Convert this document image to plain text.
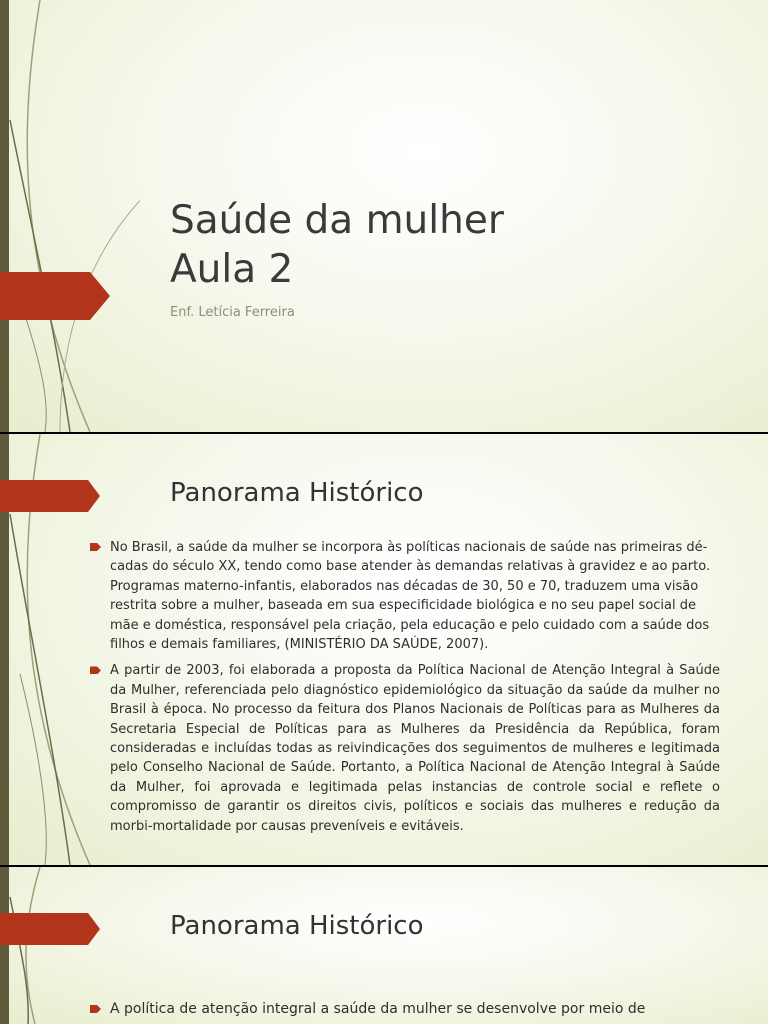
Saúde da mulher
Aula 2
Enf. Letícia Ferreira
Panorama Histórico
No Brasil, a saúde da mulher se incorpora às políticas nacionais de saúde nas primeiras dé-cadas do século XX, tendo como base atender às demandas relativas à gravidez e ao parto. Programas materno-infantis, elaborados nas décadas de 30, 50 e 70, traduzem uma visão restrita sobre a mulher, baseada em sua especificidade biológica e no seu papel social de mãe e doméstica, responsável pela criação, pela educação e pelo cuidado com a saúde dos filhos e demais familiares, (MINISTÉRIO DA SAÚDE, 2007).
A partir de 2003, foi elaborada a proposta da Política Nacional de Atenção Integral à Saúde da Mulher, referenciada pelo diagnóstico epidemiológico da situação da saúde da mulher no Brasil à época. No processo da feitura dos Planos Nacionais de Políticas para as Mulheres da Secretaria Especial de Políticas para as Mulheres da Presidência da República, foram consideradas e incluídas todas as reivindicações dos seguimentos de mulheres e legitimada pelo Conselho Nacional de Saúde. Portanto, a Política Nacional de Atenção Integral à Saúde da Mulher, foi aprovada e legitimada pelas instancias de controle social e reflete o compromisso de garantir os direitos civis, políticos e sociais das mulheres e redução da morbi-mortalidade por causas preveníveis e evitáveis.
Panorama Histórico
A política de atenção integral a saúde da mulher se desenvolve por meio de
